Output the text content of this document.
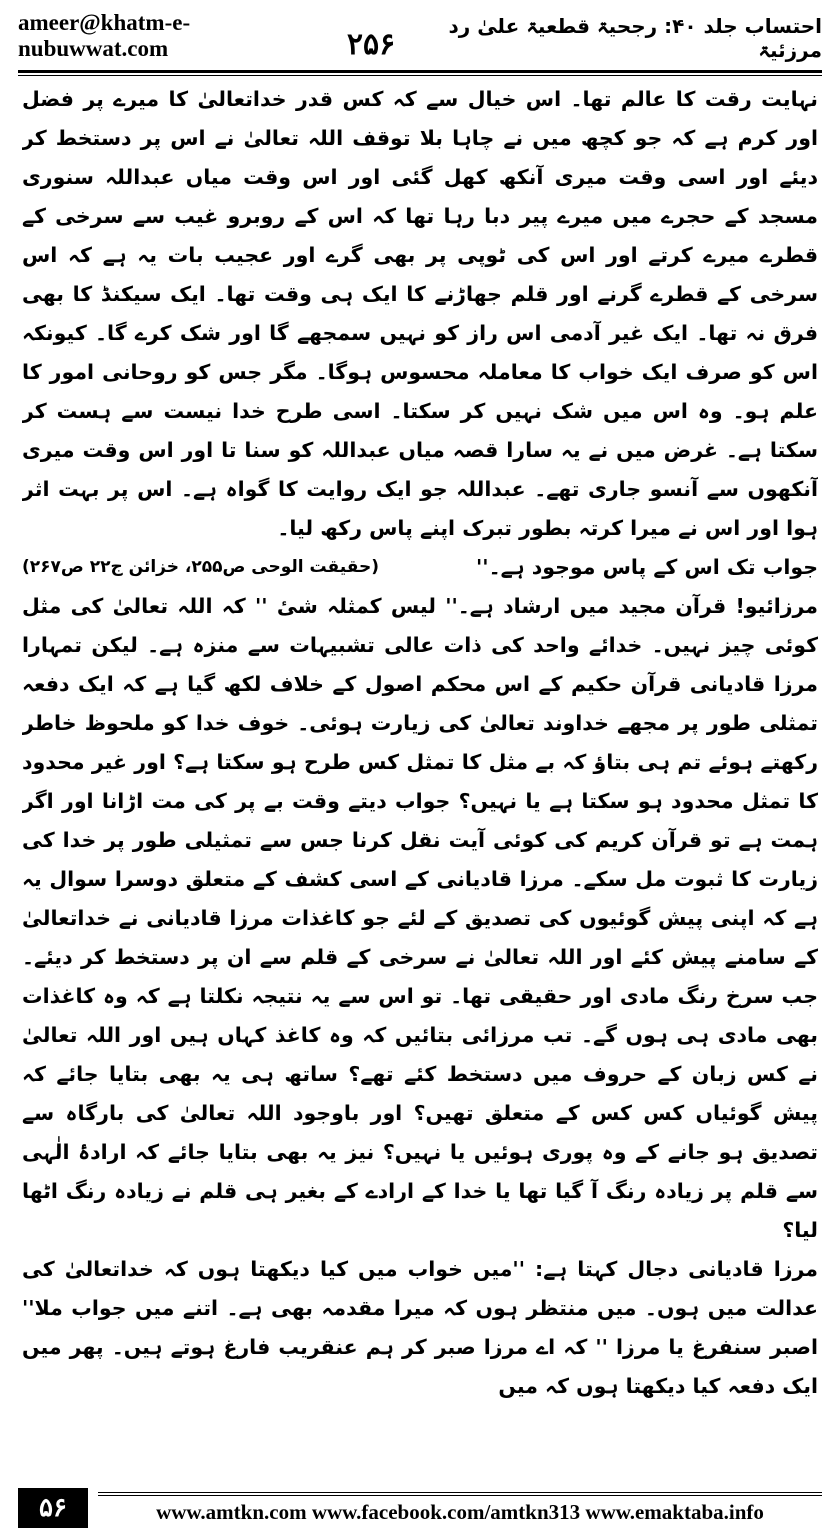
ameer@khatm-e-nubuwwat.com	۲۵۶
احتساب جلد ۴۰: رجحیۃ قطعیۃ علیٰ رد مرزئیۃ

نہایت رقت کا عالم تھا۔ اس خیال سے کہ کس قدر خداتعالیٰ کا میرے پر فضل اور کرم ہے کہ جو کچھ میں نے چاہا بلا توقف اللہ تعالیٰ نے اس پر دستخط کر دیئے اور اسی وقت میری آنکھ کھل گئی اور اس وقت میاں عبداللہ سنوری مسجد کے حجرے میں میرے پیر دبا رہا تھا کہ اس کے روبرو غیب سے سرخی کے قطرے میرے کرتے اور اس کی ٹوپی پر بھی گرے اور عجیب بات یہ ہے کہ اس سرخی کے قطرے گرنے اور قلم جھاڑنے کا ایک ہی وقت تھا۔ ایک سیکنڈ کا بھی فرق نہ تھا۔ ایک غیر آدمی اس راز کو نہیں سمجھے گا اور شک کرے گا۔ کیونکہ اس کو صرف ایک خواب کا معاملہ محسوس ہوگا۔ مگر جس کو روحانی امور کا علم ہو۔ وہ اس میں شک نہیں کر سکتا۔ اسی طرح خدا نیست سے ہست کر سکتا ہے۔ غرض میں نے یہ سارا قصہ میاں عبداللہ کو سنا تا اور اس وقت میری آنکھوں سے آنسو جاری تھے۔ عبداللہ جو ایک روایت کا گواہ ہے۔ اس پر بہت اثر ہوا اور اس نے میرا کرتہ بطور تبرک اپنے پاس رکھ لیا۔

جواب تک اس کے پاس موجود ہے۔''
(حقیقت الوحی ص۲۵۵، خزائن ج۲۲ ص۲۶۷)

مرزائیو! قرآن مجید میں ارشاد ہے۔'' لیس کمثلہ شیٔ '' کہ اللہ تعالیٰ کی مثل کوئی چیز نہیں۔ خدائے واحد کی ذات عالی تشبیہات سے منزہ ہے۔ لیکن تمہارا مرزا قادیانی قرآن حکیم کے اس محکم اصول کے خلاف لکھ گیا ہے کہ ایک دفعہ تمثلی طور پر مجھے خداوند تعالیٰ کی زیارت ہوئی۔ خوف خدا کو ملحوظ خاطر رکھتے ہوئے تم ہی بتاؤ کہ بے مثل کا تمثل کس طرح ہو سکتا ہے؟ اور غیر محدود کا تمثل محدود ہو سکتا ہے یا نہیں؟ جواب دیتے وقت بے پر کی مت اڑانا اور اگر ہمت ہے تو قرآن کریم کی کوئی آیت نقل کرنا جس سے تمثیلی طور پر خدا کی زیارت کا ثبوت مل سکے۔ مرزا قادیانی کے اسی کشف کے متعلق دوسرا سوال یہ ہے کہ اپنی پیش گوئیوں کی تصدیق کے لئے جو کاغذات مرزا قادیانی نے خداتعالیٰ کے سامنے پیش کئے اور اللہ تعالیٰ نے سرخی کے قلم سے ان پر دستخط کر دیئے۔ جب سرخ رنگ مادی اور حقیقی تھا۔ تو اس سے یہ نتیجہ نکلتا ہے کہ وہ کاغذات بھی مادی ہی ہوں گے۔ تب مرزائی بتائیں کہ وہ کاغذ کہاں ہیں اور اللہ تعالیٰ نے کس زبان کے حروف میں دستخط کئے تھے؟ ساتھ ہی یہ بھی بتایا جائے کہ پیش گوئیاں کس کس کے متعلق تھیں؟ اور باوجود اللہ تعالیٰ کی بارگاہ سے تصدیق ہو جانے کے وہ پوری ہوئیں یا نہیں؟ نیز یہ بھی بتایا جائے کہ ارادۂ الٰہی سے قلم پر زیادہ رنگ آ گیا تھا یا خدا کے ارادے کے بغیر ہی قلم نے زیادہ رنگ اٹھا لیا؟

مرزا قادیانی دجال کہتا ہے: ''میں خواب میں کیا دیکھتا ہوں کہ خداتعالیٰ کی عدالت میں ہوں۔ میں منتظر ہوں کہ میرا مقدمہ بھی ہے۔ اتنے میں جواب ملا'' اصبر سنفرغ یا مرزا '' کہ اے مرزا صبر کر ہم عنقریب فارغ ہوتے ہیں۔ پھر میں ایک دفعہ کیا دیکھتا ہوں کہ میں

۵۶	www.amtkn.com www.facebook.com/amtkn313 www.emaktaba.info
